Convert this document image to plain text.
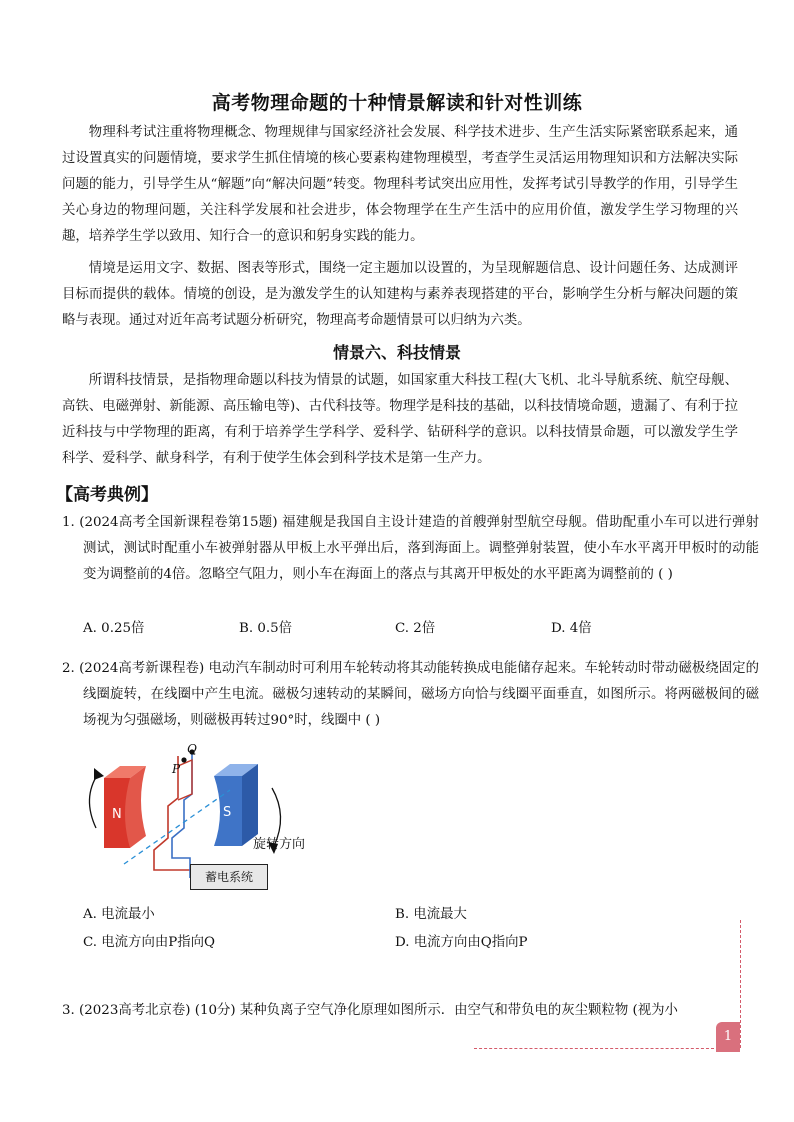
高考物理命题的十种情景解读和针对性训练

物理科考试注重将物理概念、物理规律与国家经济社会发展、科学技术进步、生产生活实际紧密联系起来，通过设置真实的问题情境，要求学生抓住情境的核心要素构建物理模型，考查学生灵活运用物理知识和方法解决实际问题的能力，引导学生从“解题”向“解决问题”转变。物理科考试突出应用性，发挥考试引导教学的作用，引导学生关心身边的物理问题，关注科学发展和社会进步，体会物理学在生产生活中的应用价值，激发学生学习物理的兴趣，培养学生学以致用、知行合一的意识和躬身实践的能力。

情境是运用文字、数据、图表等形式，围绕一定主题加以设置的，为呈现解题信息、设计问题任务、达成测评目标而提供的载体。情境的创设，是为激发学生的认知建构与素养表现搭建的平台，影响学生分析与解决问题的策略与表现。通过对近年高考试题分析研究，物理高考命题情景可以归纳为六类。

情景六、科技情景

所谓科技情景，是指物理命题以科技为情景的试题，如国家重大科技工程(大飞机、北斗导航系统、航空母舰、高铁、电磁弹射、新能源、高压输电等)、古代科技等。物理学是科技的基础，以科技情境命题，遗漏了、有利于拉近科技与中学物理的距离，有利于培养学生学科学、爱科学、钻研科学的意识。以科技情景命题，可以激发学生学科学、爱科学、献身科学，有利于使学生体会到科学技术是第一生产力。

【高考典例】

1. (2024高考全国新课程卷第15题) 福建舰是我国自主设计建造的首艘弹射型航空母舰。借助配重小车可以进行弹射测试，测试时配重小车被弹射器从甲板上水平弹出后，落到海面上。调整弹射装置，使小车水平离开甲板时的动能变为调整前的4倍。忽略空气阻力，则小车在海面上的落点与其离开甲板处的水平距离为调整前的 ( )

A. 0.25倍	B. 0.5倍	C. 2倍	D. 4倍

2. (2024高考新课程卷) 电动汽车制动时可利用车轮转动将其动能转换成电能储存起来。车轮转动时带动磁极绕固定的线圈旋转，在线圈中产生电流。磁极匀速转动的某瞬间，磁场方向恰与线圈平面垂直，如图所示。将两磁极间的磁场视为匀强磁场，则磁极再转过90°时，线圈中 ( )

N	S
P
Q
旋转方向
蓄电系统
A. 电流最小	B. 电流最大
C. 电流方向由P指向Q	D. 电流方向由Q指向P

3. (2023高考北京卷) (10分) 某种负离子空气净化原理如图所示．由空气和带负电的灰尘颗粒物 (视为小

1
